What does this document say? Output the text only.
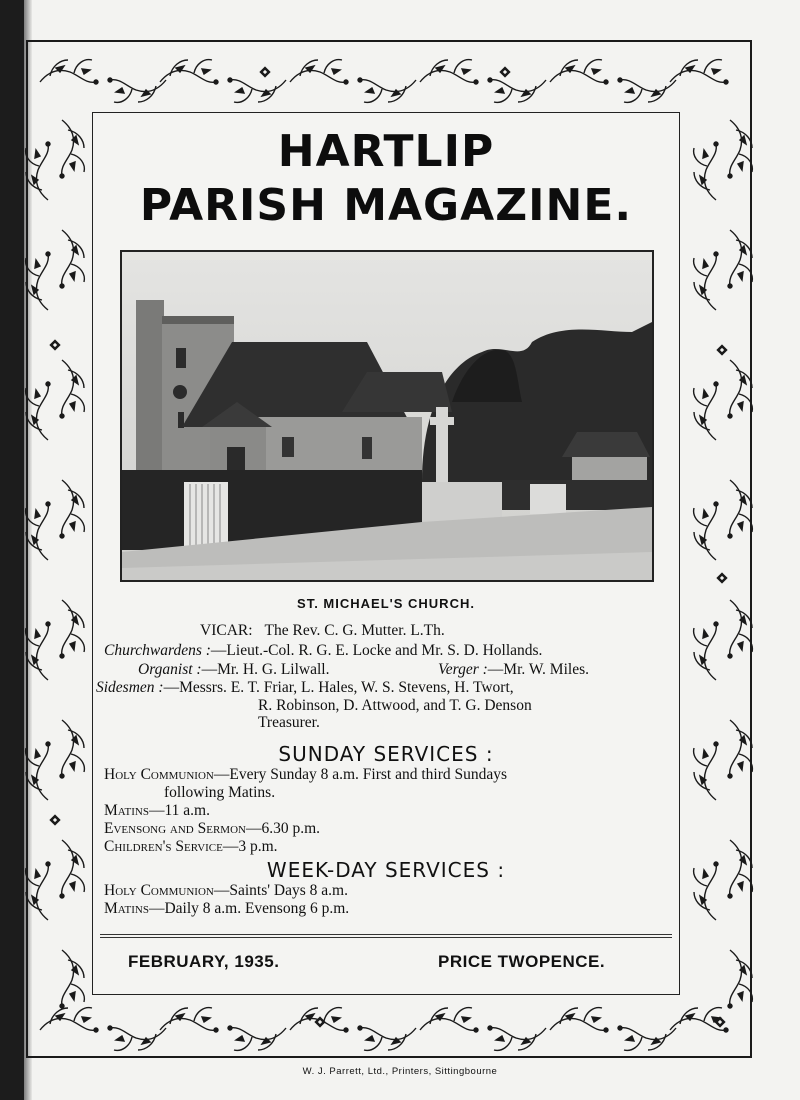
HARTLIP
PARISH MAGAZINE.
ST. MICHAEL'S CHURCH.
VICAR: The Rev. C. G. Mutter. L.Th.
Churchwardens :—Lieut.-Col. R. G. E. Locke and Mr. S. D. Hollands.
Organist :—Mr. H. G. Lilwall.	Verger :—Mr. W. Miles.
Sidesmen :—Messrs. E. T. Friar, L. Hales, W. S. Stevens, H. Twort,
R. Robinson, D. Attwood, and T. G. Denson
Treasurer.
SUNDAY SERVICES :
Holy Communion—Every Sunday 8 a.m. First and third Sundays
following Matins.
Matins—11 a.m.
Evensong and Sermon—6.30 p.m.
Children's Service—3 p.m.
WEEK-DAY SERVICES :
Holy Communion—Saints' Days 8 a.m.
Matins—Daily 8 a.m. Evensong 6 p.m.
FEBRUARY, 1935.	PRICE TWOPENCE.
W. J. Parrett, Ltd., Printers, Sittingbourne
